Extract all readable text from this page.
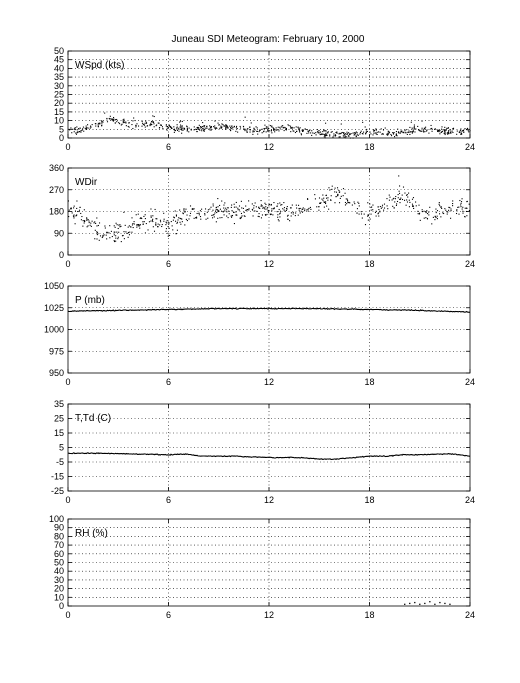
Juneau SDI Meteogram: February 10, 2000
0	6	12	18	24
0
5
10
15
20
25
30
35
40
45
50
WSpd (kts)
0	6	12	18	24
0
90
180
270
360
WDir
0	6	12	18	24
950
975
1000
1025
1050
P (mb)
0	6	12	18	24
-25
-15
-5
5
15
25
35
T,Td (C)
0	6	12	18	24
0
10
20
30
40
50
60
70
80
90
100
RH (%)
